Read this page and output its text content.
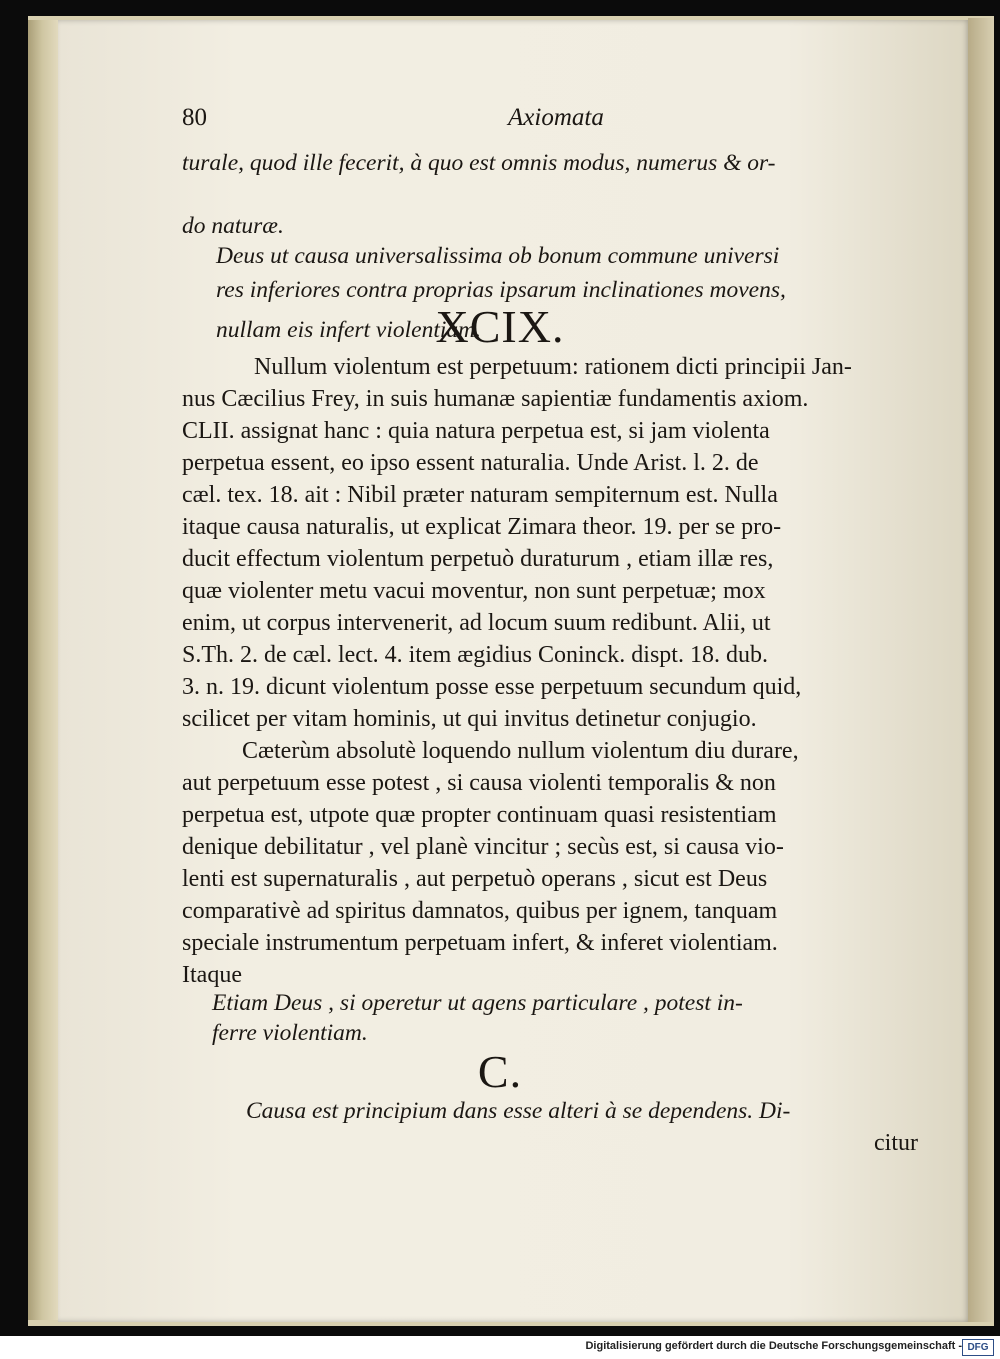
80	Axiomata
turale, quod ille fecerit, à quo est omnis modus, numerus & or-
do naturæ.
Deus ut causa universalissima ob bonum commune universi
res inferiores contra proprias ipsarum inclinationes movens,
nullam eis infert violentiam.
XCIX.
Nullum violentum est perpetuum: rationem dicti principii Jan-
nus Cæcilius Frey, in suis humanæ sapientiæ fundamentis axiom.
CLII. assignat hanc : quia natura perpetua est, si jam violenta
perpetua essent, eo ipso essent naturalia. Unde Arist. l. 2. de
cæl. tex. 18. ait : Nibil præter naturam sempiternum est. Nulla
itaque causa naturalis, ut explicat Zimara theor. 19. per se pro-
ducit effectum violentum perpetuò duraturum , etiam illæ res,
quæ violenter metu vacui moventur, non sunt perpetuæ; mox
enim, ut corpus intervenerit, ad locum suum redibunt. Alii, ut
S.Th. 2. de cæl. lect. 4. item ægidius Coninck. dispt. 18. dub.
3. n. 19. dicunt violentum posse esse perpetuum secundum quid,
scilicet per vitam hominis, ut qui invitus detinetur conjugio.
Cæterùm absolutè loquendo nullum violentum diu durare,
aut perpetuum esse potest , si causa violenti temporalis & non
perpetua est, utpote quæ propter continuam quasi resistentiam
denique debilitatur , vel planè vincitur ; secùs est, si causa vio-
lenti est supernaturalis , aut perpetuò operans , sicut est Deus
comparativè ad spiritus damnatos, quibus per ignem, tanquam
speciale instrumentum perpetuam infert, & inferet violentiam.
Itaque
Etiam Deus , si operetur ut agens particulare , potest in-
ferre violentiam.
C.
Causa est principium dans esse alteri à se dependens. Di-
citur
Digitalisierung gefördert durch die Deutsche Forschungsgemeinschaft - DFG
